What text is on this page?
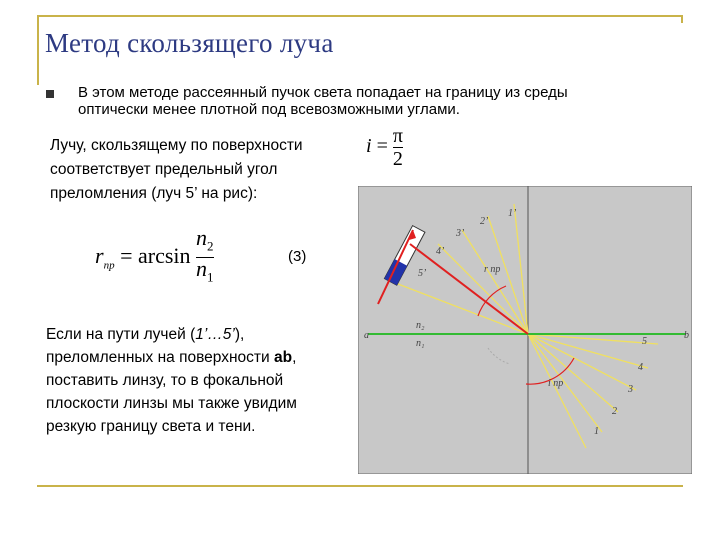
Метод скользящего луча
В этом методе рассеянный пучок света попадает на границу из среды
оптически менее плотной под всевозможными углами.
Лучу, скользящему по поверхности
соответствует предельный угол
преломления (луч 5’ на рис):
$i = \frac{\pi}{2}$
$r_{пр} = \arcsin \frac{n_2}{n_1}$	(3)
Если на пути лучей (1’…5’),
преломленных на поверхности ab,
поставить линзу, то в фокальной
плоскости линзы мы также увидим
резкую границу света и тени.
a	b
n₂
n₁
1’
2’
3’
4’
5’
1
2
3
4
5
r пр
i пр
